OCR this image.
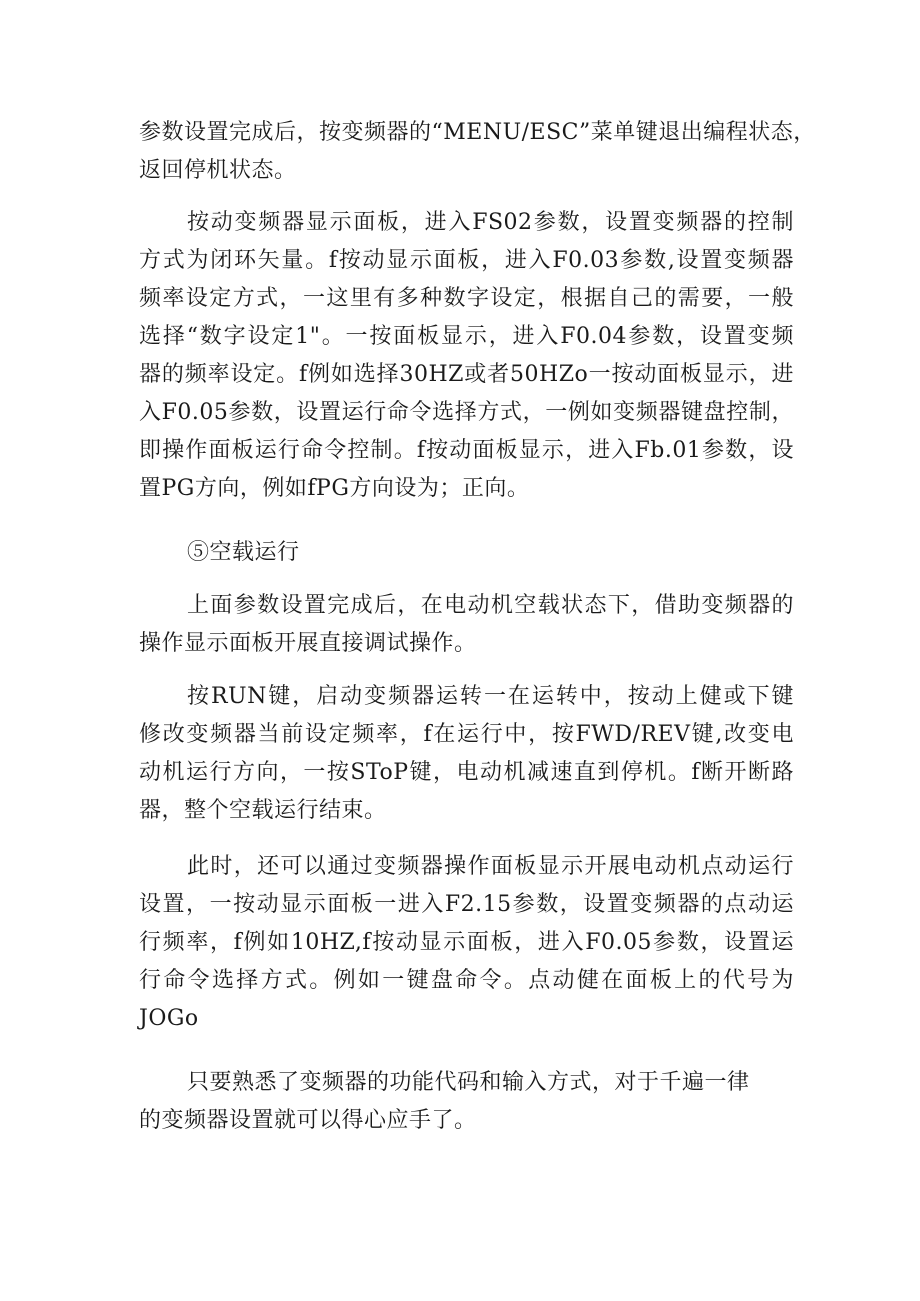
参数设置完成后，按变频器的“MENU/ESC”菜单键退出编程状态，
返回停机状态。
按动变频器显示面板，进入FS02参数，设置变频器的控制
方式为闭环矢量。f按动显示面板，进入F0.03参数,设置变频器
频率设定方式，一这里有多种数字设定，根据自己的需要，一般
选择“数字设定1"。一按面板显示，进入F0.04参数，设置变频
器的频率设定。f例如选择30HZ或者50HZo一按动面板显示，进
入F0.05参数，设置运行命令选择方式，一例如变频器键盘控制，
即操作面板运行命令控制。f按动面板显示，进入Fb.01参数，设
置PG方向，例如fPG方向设为；正向。
⑤空载运行
上面参数设置完成后，在电动机空载状态下，借助变频器的
操作显示面板开展直接调试操作。
按RUN键，启动变频器运转一在运转中，按动上健或下键
修改变频器当前设定频率，f在运行中，按FWD/REV键,改变电
动机运行方向，一按SToP键，电动机减速直到停机。f断开断路
器，整个空载运行结束。
此时，还可以通过变频器操作面板显示开展电动机点动运行
设置，一按动显示面板一进入F2.15参数，设置变频器的点动运
行频率，f例如10HZ,f按动显示面板，进入F0.05参数，设置运
行命令选择方式。例如一键盘命令。点动健在面板上的代号为
JOGo
只要熟悉了变频器的功能代码和输入方式，对于千遍一律
的变频器设置就可以得心应手了。
